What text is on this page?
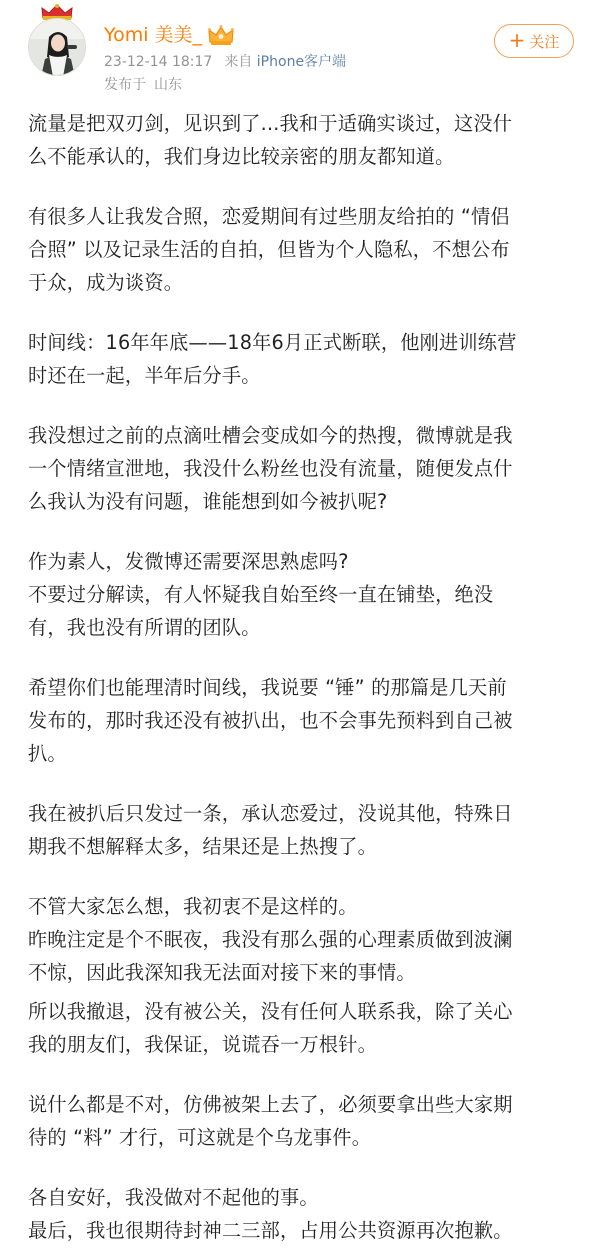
Yomi 美美_
23-12-14 18:17 来自 iPhone客户端
发布于 山东
+ 关注

流量是把双刃剑，见识到了...我和于适确实谈过，这没什

么不能承认的，我们身边比较亲密的朋友都知道。

有很多人让我发合照，恋爱期间有过些朋友给拍的 “情侣

合照” 以及记录生活的自拍，但皆为个人隐私，不想公布

于众，成为谈资。

时间线：16年年底——18年6月正式断联，他刚进训练营

时还在一起，半年后分手。

我没想过之前的点滴吐槽会变成如今的热搜，微博就是我

一个情绪宣泄地，我没什么粉丝也没有流量，随便发点什

么我认为没有问题，谁能想到如今被扒呢?

作为素人，发微博还需要深思熟虑吗?

不要过分解读，有人怀疑我自始至终一直在铺垫，绝没

有，我也没有所谓的团队。

希望你们也能理清时间线，我说要 “锤” 的那篇是几天前

发布的，那时我还没有被扒出，也不会事先预料到自己被

扒。

我在被扒后只发过一条，承认恋爱过，没说其他，特殊日

期我不想解释太多，结果还是上热搜了。

不管大家怎么想，我初衷不是这样的。

昨晚注定是个不眠夜，我没有那么强的心理素质做到波澜

不惊，因此我深知我无法面对接下来的事情。

所以我撤退，没有被公关，没有任何人联系我，除了关心

我的朋友们，我保证，说谎吞一万根针。

说什么都是不对，仿佛被架上去了，必须要拿出些大家期

待的 “料” 才行，可这就是个乌龙事件。

各自安好，我没做对不起他的事。

最后，我也很期待封神二三部，占用公共资源再次抱歉。
